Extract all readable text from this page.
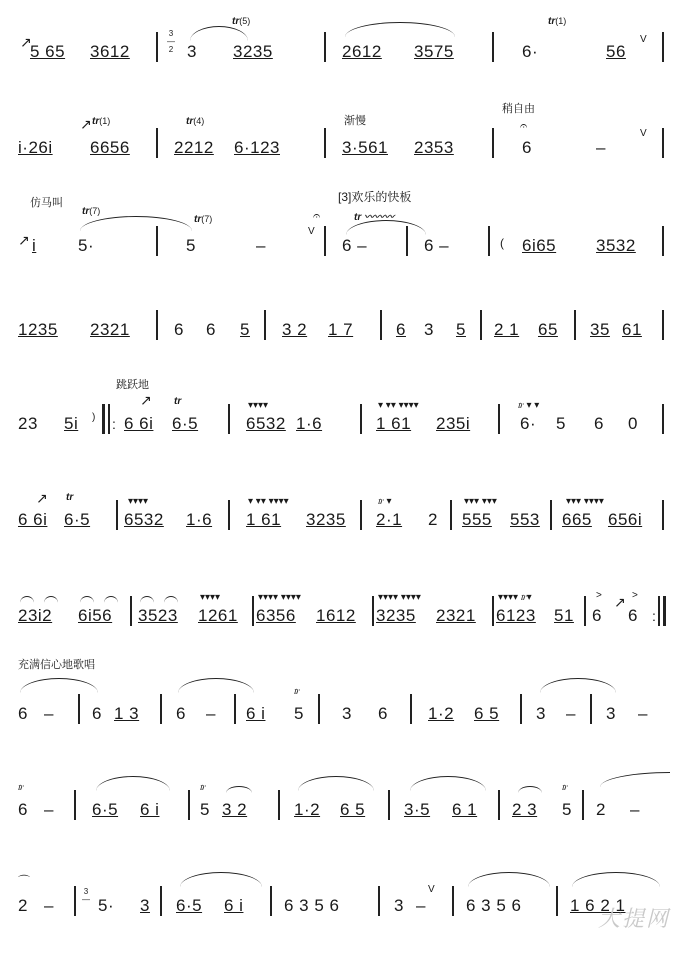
↗
5 65 3612
3
—
2 3
tr(5)
3235	2612 3575
tr(1)
6·	56
V
i·26i
↗ tr(1)
6656
tr(4)
2212 6·123
渐慢
3·561 2353
稍自由
𝄐
6	–
V
仿马叫
↗ i
tr(7)
5·
tr(7)
5	–
V
𝄐
[3]欢乐的快板
tr 〰〰〰
6 –	6 –	( 6i65 3532
1235 2321	6 6 5 3 2 1 7	6 3 5 2 1 65 35 61
跳跃地
23 5i ) :
↗ tr
6 6i 6·5
▾▾▾▾
6532 1·6
▾ ▾▾ ▾▾▾▾
1 61 235i
𝆖 ▾ ▾
6· 5 6 0
↗ tr
6 6i 6·5
▾▾▾▾
6532 1·6
▾ ▾▾ ▾▾▾▾
1 61 3235
𝆖 ▾
2·1 2
▾▾▾ ▾▾▾
555 553
▾▾▾ ▾▾▾▾
665 656i
23i2 6i56 3523
▾▾▾▾
1261
▾▾▾▾ ▾▾▾▾
6356 1612
▾▾▾▾ ▾▾▾▾
3235 2321
▾▾▾▾ 𝆖▾
6123 51
>
6
↗ >
6 :
充满信心地歌唱
6 – 6 1 3 6 – 6 i
𝆖
5 3 6 1·2 6 5 3 – 3 –
𝆖
6 – 6·5 6 i
𝆖
5 3 2	1·2 6 5 3·5 6 1
𝆖
2 3 5 2 –
⌒
2 –
3
—
5· 3 6·5 6 i 6 3 5 6	3 –
V
6 3 5 6	1 6 2 1
大提网
